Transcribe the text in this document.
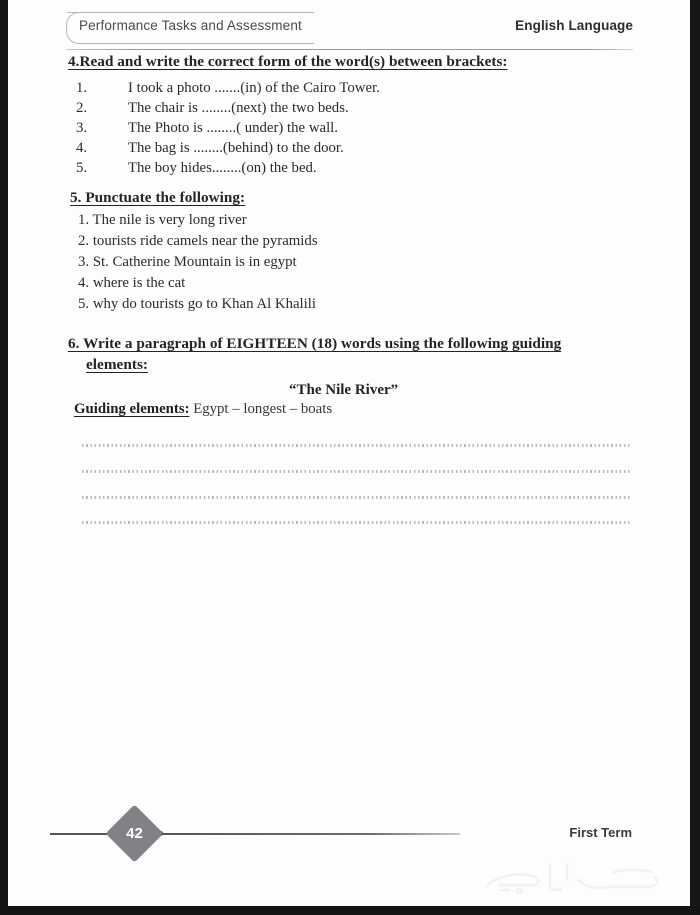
Performance Tasks and Assessment	English Language
4.Read and write the correct form of the word(s) between brackets:
1.	I took a photo .......(in) of the Cairo Tower.
2.	The chair is ........(next) the two beds.
3.	The Photo is ........( under) the wall.
4.	The bag is ........(behind) to the door.
5.	The boy hides........(on) the bed.
5. Punctuate the following:
1. The nile is very long river
2. tourists ride camels near the pyramids
3. St. Catherine Mountain is in egypt
4. where is the cat
5. why do tourists go to Khan Al Khalili
6. Write a paragraph of EIGHTEEN (18) words using the following guiding
elements:
“The Nile River”
Guiding elements: Egypt – longest – boats
42	First Term
